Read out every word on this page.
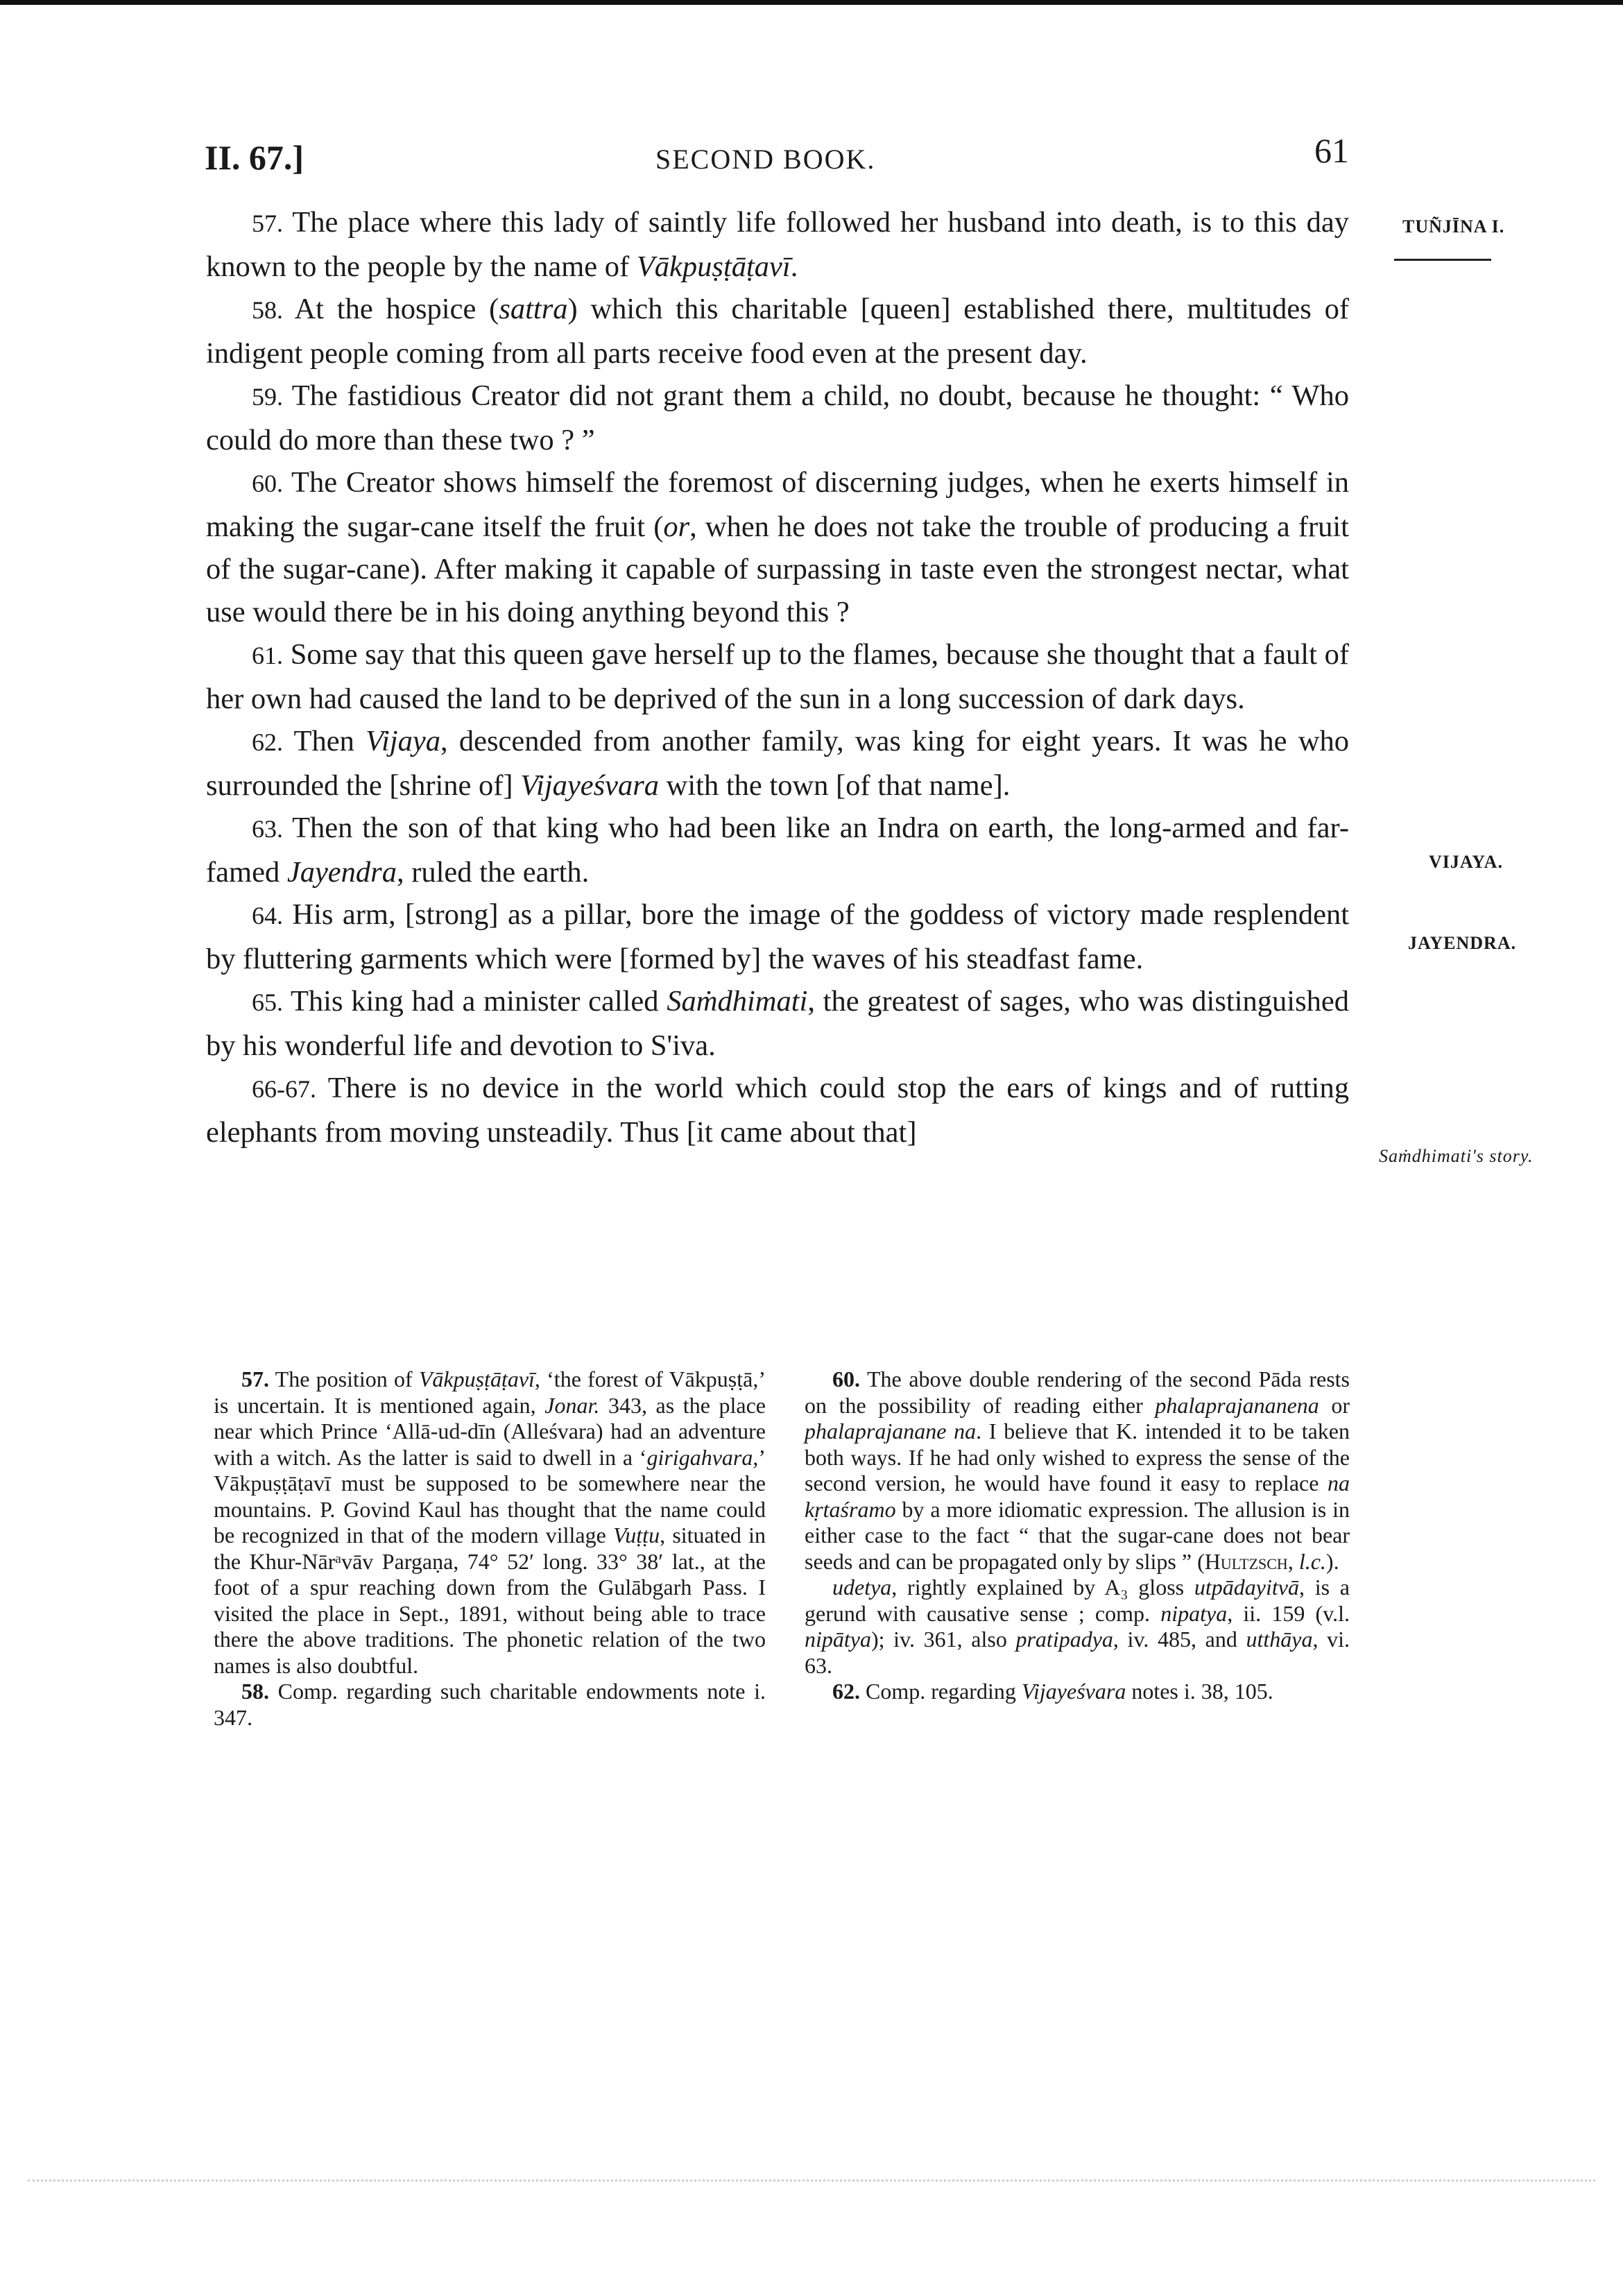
II. 67.]	SECOND BOOK.	61

57. The place where this lady of saintly life followed her husband into death, is to this day known to the people by the name of Vākpuṣṭāṭavī.

58. At the hospice (sattra) which this charitable [queen] established there, multitudes of indigent people coming from all parts receive food even at the present day.

59. The fastidious Creator did not grant them a child, no doubt, because he thought: “ Who could do more than these two ? ”

60. The Creator shows himself the foremost of discerning judges, when he exerts himself in making the sugar-cane itself the fruit (or, when he does not take the trouble of producing a fruit of the sugar-cane). After making it capable of surpassing in taste even the strongest nectar, what use would there be in his doing anything beyond this ?

61. Some say that this queen gave herself up to the flames, because she thought that a fault of her own had caused the land to be deprived of the sun in a long succession of dark days.

62. Then Vijaya, descended from another family, was king for eight years. It was he who surrounded the [shrine of] Vijayeśvara with the town [of that name].

63. Then the son of that king who had been like an Indra on earth, the long-armed and far-famed Jayendra, ruled the earth.

64. His arm, [strong] as a pillar, bore the image of the goddess of victory made resplendent by fluttering garments which were [formed by] the waves of his steadfast fame.

65. This king had a minister called Saṁdhimati, the greatest of sages, who was distinguished by his wonderful life and devotion to S'iva.

66-67. There is no device in the world which could stop the ears of kings and of rutting elephants from moving unsteadily. Thus [it came about that]

TUÑJĪNA I.
VIJAYA.
JAYENDRA.
Saṁdhimati's story.

57. The position of Vākpuṣṭāṭavī, ‘the forest of Vākpuṣṭā,’ is uncertain. It is mentioned again, Jonar. 343, as the place near which Prince ‘Allā-ud-dīn (Alleśvara) had an adventure with a witch. As the latter is said to dwell in a ‘girigahvara,’ Vākpuṣṭāṭavī must be supposed to be somewhere near the mountains. P. Govind Kaul has thought that the name could be recognized in that of the modern village Vuṭṭu, situated in the Khur-Nārᵃvāv Pargaṇa, 74° 52′ long. 33° 38′ lat., at the foot of a spur reaching down from the Gulābgarh Pass. I visited the place in Sept., 1891, without being able to trace there the above traditions. The phonetic relation of the two names is also doubtful.

58. Comp. regarding such charitable endowments note i. 347.

60. The above double rendering of the second Pāda rests on the possibility of reading either phalaprajananena or phalaprajanane na. I believe that K. intended it to be taken both ways. If he had only wished to express the sense of the second version, he would have found it easy to replace na kṛtaśramo by a more idiomatic expression. The allusion is in either case to the fact “ that the sugar-cane does not bear seeds and can be propagated only by slips ” (Hultzsch, l.c.).

udetya, rightly explained by A₃ gloss utpādayitvā, is a gerund with causative sense ; comp. nipatya, ii. 159 (v.l. nipātya); iv. 361, also pratipadya, iv. 485, and utthāya, vi. 63.

62. Comp. regarding Vijayeśvara notes i. 38, 105.
